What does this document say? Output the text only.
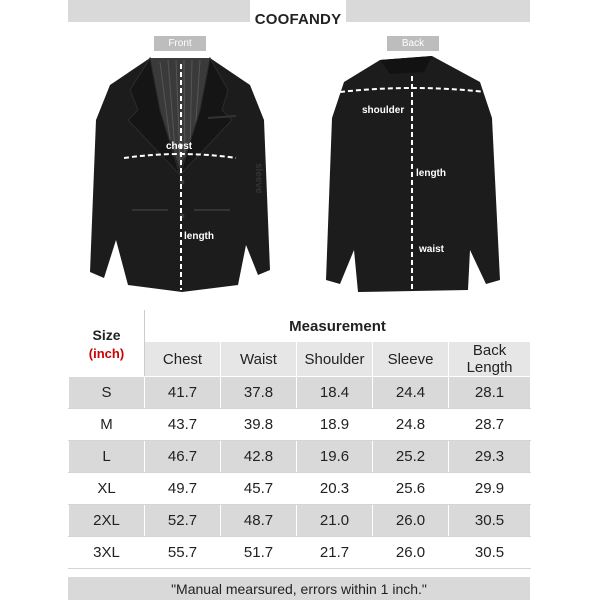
COOFANDY
chest
length
sleeve
shoulder
length
waist
Front	Back
Size
(inch)	Measurement				
	Chest	Waist	Shoulder	Sleeve	Back
Length
S	41.7	37.8	18.4	24.4	28.1
M	43.7	39.8	18.9	24.8	28.7
L	46.7	42.8	19.6	25.2	29.3
XL	49.7	45.7	20.3	25.6	29.9
2XL	52.7	48.7	21.0	26.0	30.5
3XL	55.7	51.7	21.7	26.0	30.5
"Manual mearsured, errors within 1 inch."
